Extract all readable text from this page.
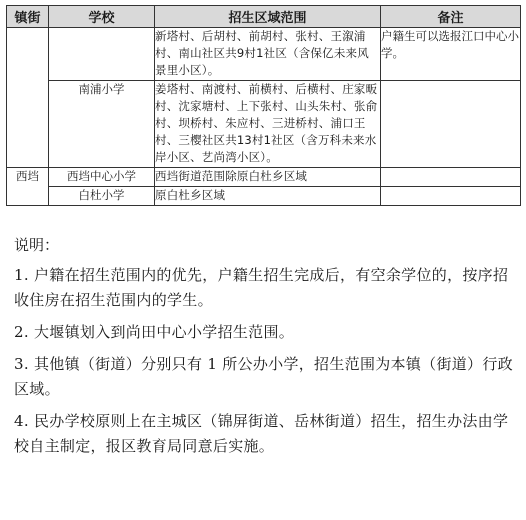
镇街	学校	招生区域范围	备注
		新塔村、后胡村、前胡村、张村、王溆浦村、南山社区共9村1社区（含保亿未来风景里小区）。	户籍生可以选报江口中心小学。
	南浦小学	姜塔村、南渡村、前横村、后横村、庄家畈村、沈家塘村、上下张村、山头朱村、张俞村、坝桥村、朱应村、三进桥村、浦口王村、三樱社区共13村1社区（含万科未来水岸小区、艺尚湾小区）。	
西垱	西垱中心小学	西垱街道范围除原白杜乡区域	
	白杜小学	原白杜乡区域	
说明：
1. 户籍在招生范围内的优先，户籍生招生完成后，有空余学位的，按序招收住房在招生范围内的学生。
2. 大堰镇划入到尚田中心小学招生范围。
3. 其他镇（街道）分别只有 1 所公办小学，招生范围为本镇（街道）行政区域。
4. 民办学校原则上在主城区（锦屏街道、岳林街道）招生，招生办法由学校自主制定，报区教育局同意后实施。
